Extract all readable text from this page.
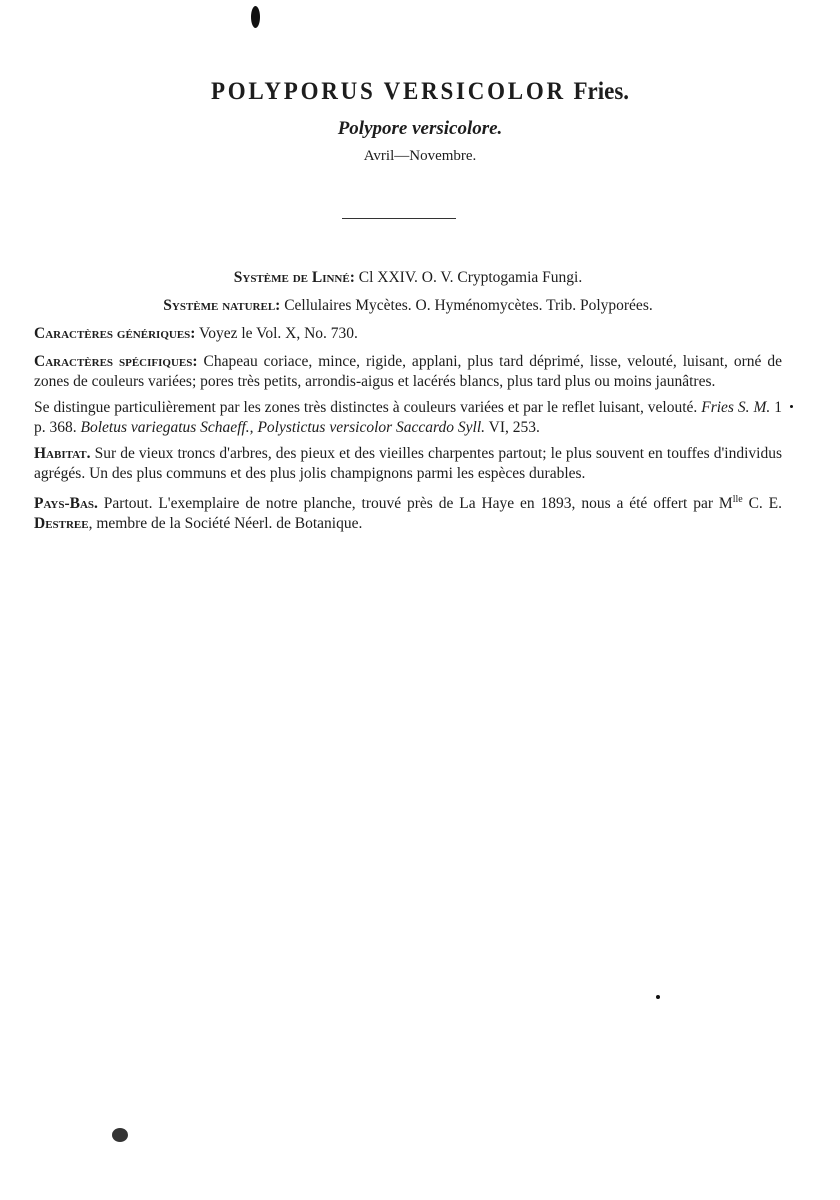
POLYPORUS VERSICOLOR Fries.
Polypore versicolore.
Avril—Novembre.

Système de Linné: Cl XXIV. O. V. Cryptogamia Fungi.

Système naturel: Cellulaires Mycètes. O. Hyménomycètes. Trib. Polyporées.

Caractères génériques: Voyez le Vol. X, No. 730.

Caractères spécifiques: Chapeau coriace, mince, rigide, applani, plus tard déprimé, lisse, velouté, luisant, orné de zones de couleurs variées; pores très petits, arrondis-aigus et lacérés blancs, plus tard plus ou moins jaunâtres.

Se distingue particulièrement par les zones très distinctes à couleurs variées et par le reflet luisant, velouté. Fries S. M. 1 p. 368. Boletus variegatus Schaeff., Polystictus versicolor Saccardo Syll. VI, 253.

Habitat. Sur de vieux troncs d'arbres, des pieux et des vieilles charpentes partout; le plus souvent en touffes d'individus agrégés. Un des plus communs et des plus jolis champignons parmi les espèces durables.

Pays-Bas. Partout. L'exemplaire de notre planche, trouvé près de La Haye en 1893, nous a été offert par $M^{lle}$ C. E. Destree, membre de la Société Néerl. de Botanique.
